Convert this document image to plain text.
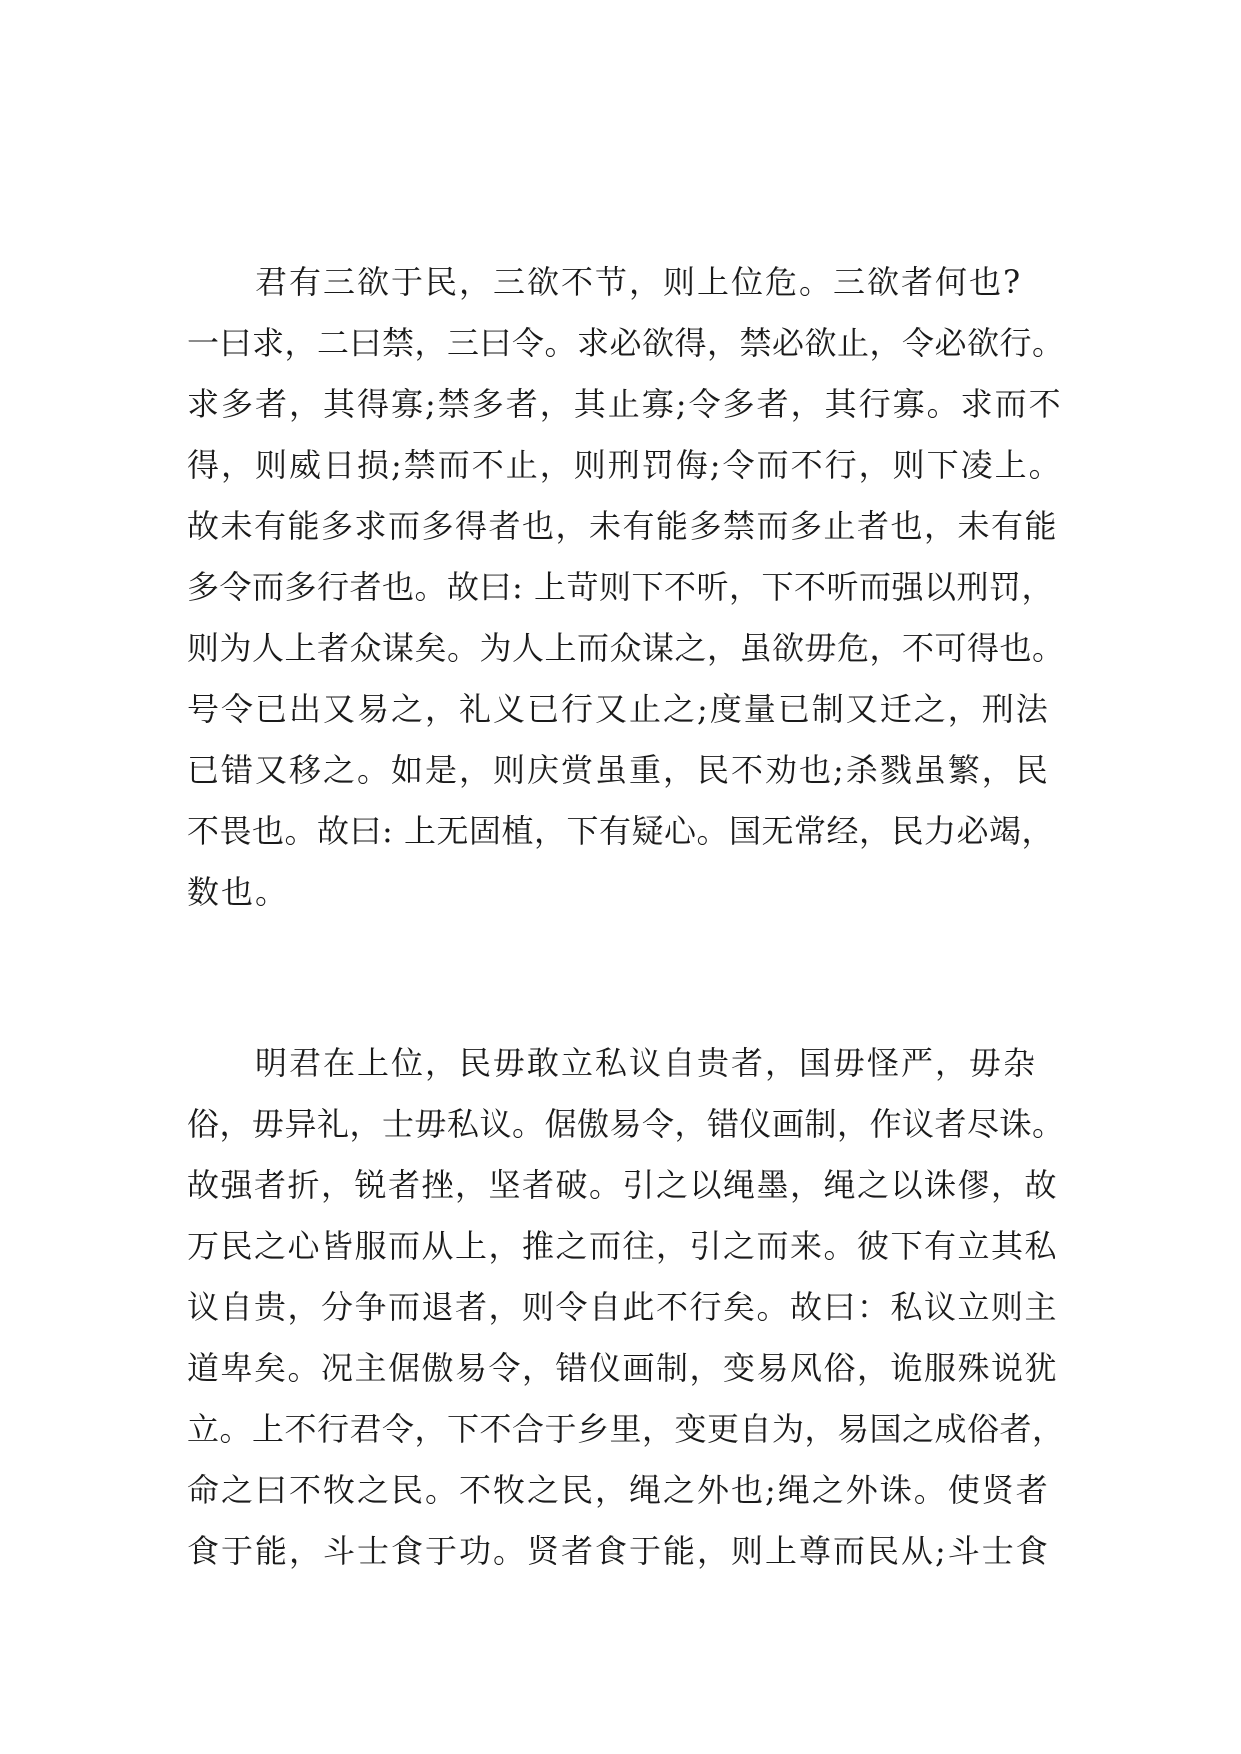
　　君有三欲于民，三欲不节，则上位危。三欲者何也?
一曰求，二曰禁，三曰令。求必欲得，禁必欲止，令必欲行。
求多者，其得寡;禁多者，其止寡;令多者，其行寡。求而不
得，则威日损;禁而不止，则刑罚侮;令而不行，则下凌上。
故未有能多求而多得者也，未有能多禁而多止者也，未有能
多令而多行者也。故曰: 上苛则下不听，下不听而强以刑罚，
则为人上者众谋矣。为人上而众谋之，虽欲毋危，不可得也。
号令已出又易之，礼义已行又止之;度量已制又迁之，刑法
已错又移之。如是，则庆赏虽重，民不劝也;杀戮虽繁，民
不畏也。故曰: 上无固植，下有疑心。国无常经，民力必竭，
数也。
　　明君在上位，民毋敢立私议自贵者，国毋怪严，毋杂
俗，毋异礼，士毋私议。倨傲易令，错仪画制，作议者尽诛。
故强者折，锐者挫，坚者破。引之以绳墨，绳之以诛僇，故
万民之心皆服而从上，推之而往，引之而来。彼下有立其私
议自贵，分争而退者，则令自此不行矣。故曰：私议立则主
道卑矣。况主倨傲易令，错仪画制，变易风俗，诡服殊说犹
立。上不行君令，下不合于乡里，变更自为，易国之成俗者，
命之曰不牧之民。不牧之民，绳之外也;绳之外诛。使贤者
食于能，斗士食于功。贤者食于能，则上尊而民从;斗士食
